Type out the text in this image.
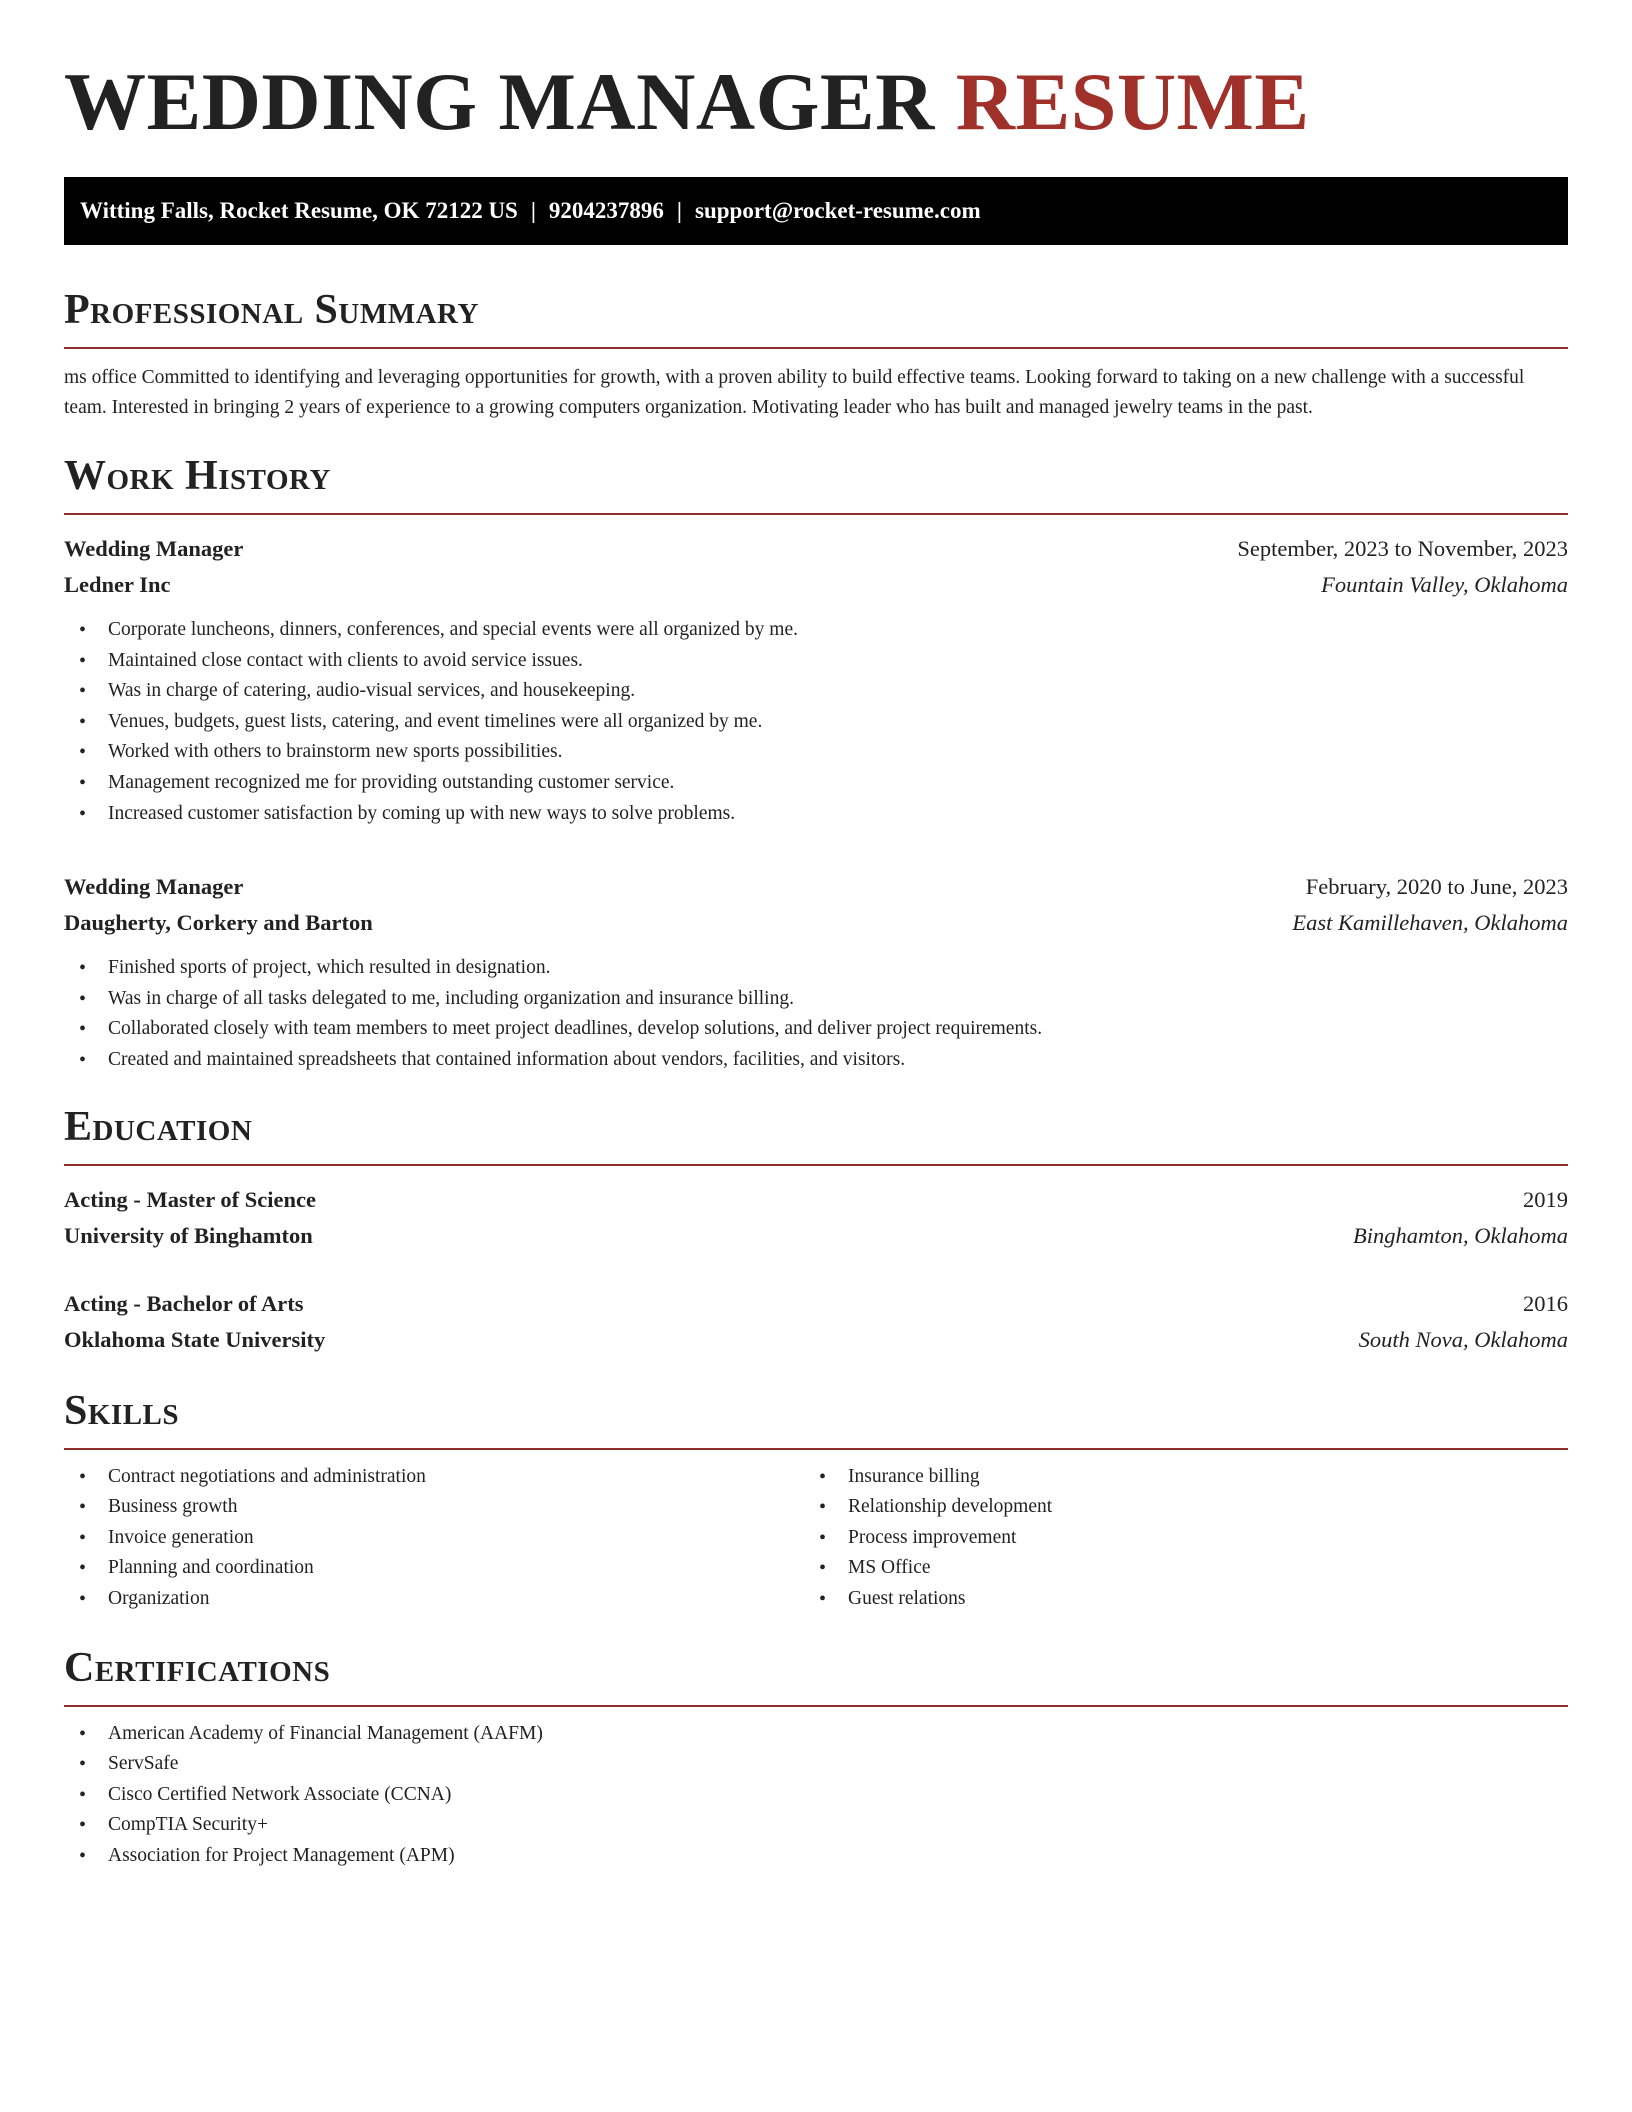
WEDDING MANAGER RESUME
Witting Falls, Rocket Resume, OK 72122 US | 9204237896 | support@rocket-resume.com
Professional Summary

ms office Committed to identifying and leveraging opportunities for growth, with a proven ability to build effective teams. Looking forward to taking on a new challenge with a successful team. Interested in bringing 2 years of experience to a growing computers organization. Motivating leader who has built and managed jewelry teams in the past.

Work History
Wedding Manager	September, 2023 to November, 2023
Ledner Inc	Fountain Valley, Oklahoma
• Corporate luncheons, dinners, conferences, and special events were all organized by me.
• Maintained close contact with clients to avoid service issues.
• Was in charge of catering, audio-visual services, and housekeeping.
• Venues, budgets, guest lists, catering, and event timelines were all organized by me.
• Worked with others to brainstorm new sports possibilities.
• Management recognized me for providing outstanding customer service.
• Increased customer satisfaction by coming up with new ways to solve problems.
Wedding Manager	February, 2020 to June, 2023
Daugherty, Corkery and Barton	East Kamillehaven, Oklahoma
• Finished sports of project, which resulted in designation.
• Was in charge of all tasks delegated to me, including organization and insurance billing.
• Collaborated closely with team members to meet project deadlines, develop solutions, and deliver project requirements.
• Created and maintained spreadsheets that contained information about vendors, facilities, and visitors.
Education
Acting - Master of Science	2019
University of Binghamton	Binghamton, Oklahoma
Acting - Bachelor of Arts	2016
Oklahoma State University	South Nova, Oklahoma
Skills
• Contract negotiations and administration
• Business growth
• Invoice generation
• Planning and coordination
• Organization
• Insurance billing
• Relationship development
• Process improvement
• MS Office
• Guest relations
Certifications
• American Academy of Financial Management (AAFM)
• ServSafe
• Cisco Certified Network Associate (CCNA)
• CompTIA Security+
• Association for Project Management (APM)
